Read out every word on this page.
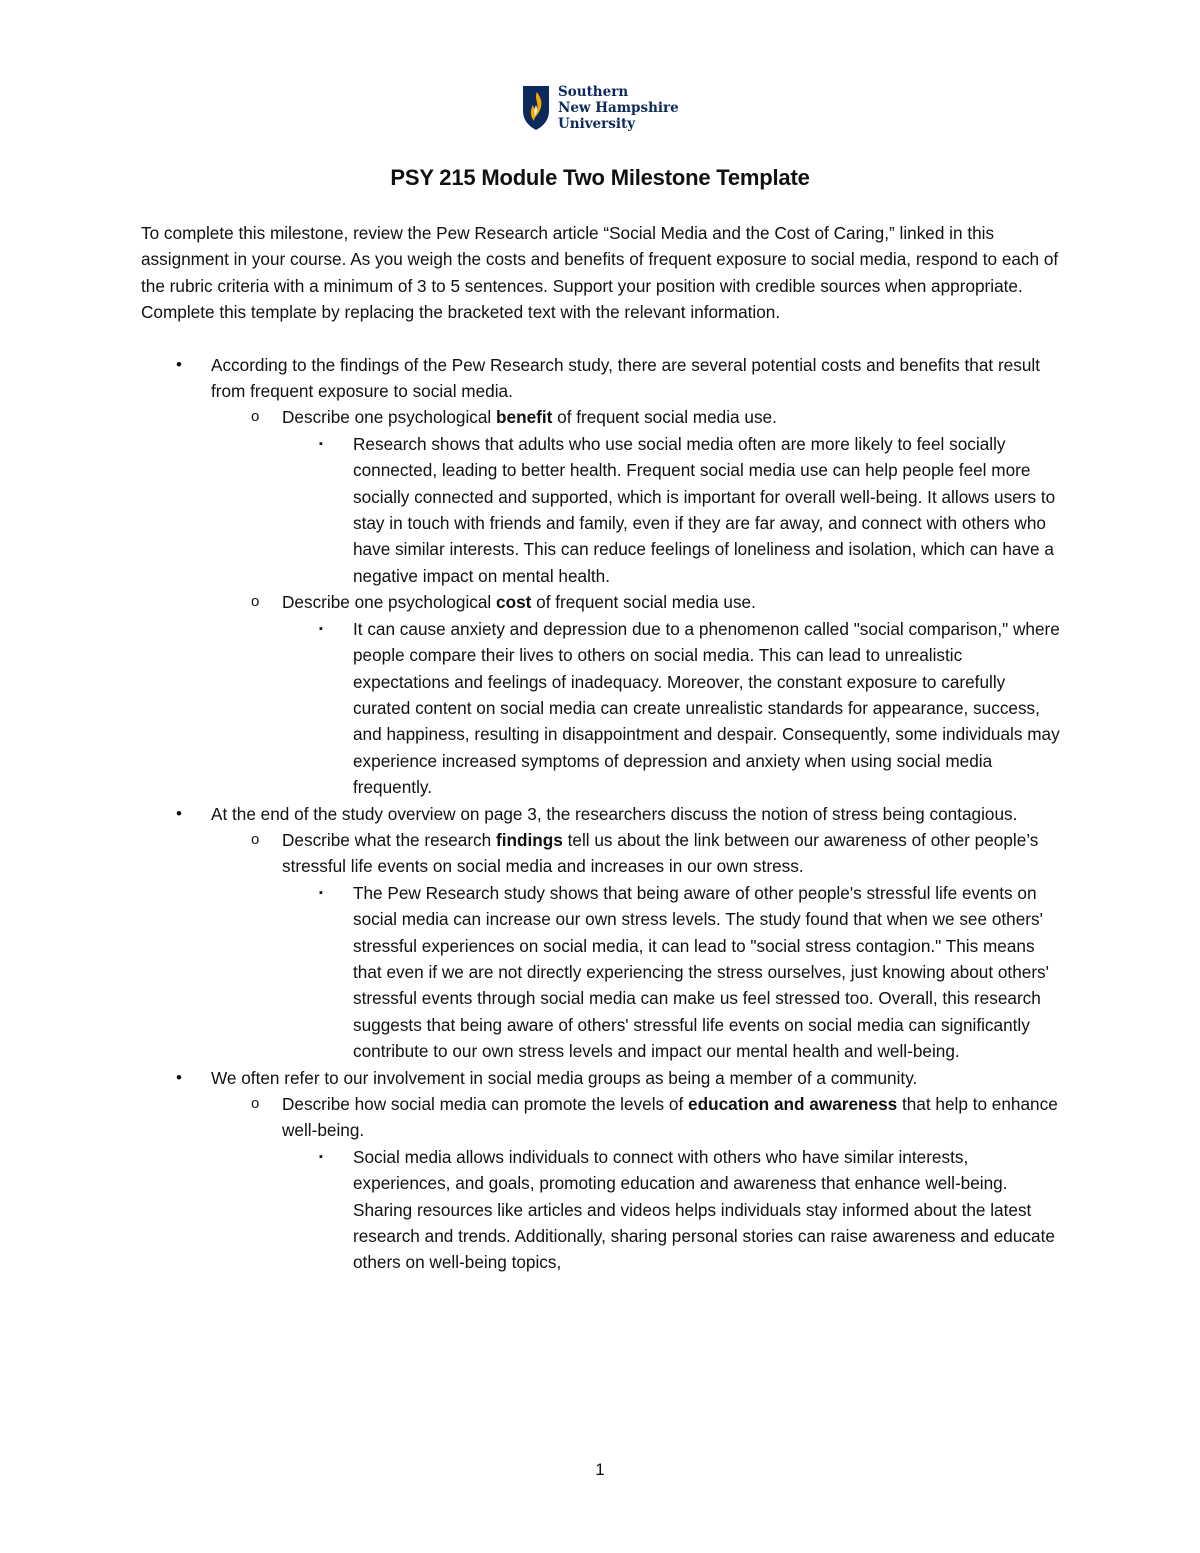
Southern
New Hampshire
University
PSY 215 Module Two Milestone Template

To complete this milestone, review the Pew Research article “Social Media and the Cost of Caring,” linked in this assignment in your course. As you weigh the costs and benefits of frequent exposure to social media, respond to each of the rubric criteria with a minimum of 3 to 5 sentences. Support your position with credible sources when appropriate. Complete this template by replacing the bracketed text with the relevant information.

• According to the findings of the Pew Research study, there are several potential costs and benefits that result from frequent exposure to social media.
o Describe one psychological benefit of frequent social media use.
▪ Research shows that adults who use social media often are more likely to feel socially connected, leading to better health. Frequent social media use can help people feel more socially connected and supported, which is important for overall well-being. It allows users to stay in touch with friends and family, even if they are far away, and connect with others who have similar interests. This can reduce feelings of loneliness and isolation, which can have a negative impact on mental health.
o Describe one psychological cost of frequent social media use.
▪ It can cause anxiety and depression due to a phenomenon called "social comparison," where people compare their lives to others on social media. This can lead to unrealistic expectations and feelings of inadequacy. Moreover, the constant exposure to carefully curated content on social media can create unrealistic standards for appearance, success, and happiness, resulting in disappointment and despair. Consequently, some individuals may experience increased symptoms of depression and anxiety when using social media frequently.
• At the end of the study overview on page 3, the researchers discuss the notion of stress being contagious.
o Describe what the research findings tell us about the link between our awareness of other people’s stressful life events on social media and increases in our own stress.
▪ The Pew Research study shows that being aware of other people's stressful life events on social media can increase our own stress levels. The study found that when we see others' stressful experiences on social media, it can lead to "social stress contagion." This means that even if we are not directly experiencing the stress ourselves, just knowing about others' stressful events through social media can make us feel stressed too. Overall, this research suggests that being aware of others' stressful life events on social media can significantly contribute to our own stress levels and impact our mental health and well-being.
• We often refer to our involvement in social media groups as being a member of a community.
o Describe how social media can promote the levels of education and awareness that help to enhance well-being.
▪ Social media allows individuals to connect with others who have similar interests, experiences, and goals, promoting education and awareness that enhance well-being. Sharing resources like articles and videos helps individuals stay informed about the latest research and trends. Additionally, sharing personal stories can raise awareness and educate others on well-being topics,
1
